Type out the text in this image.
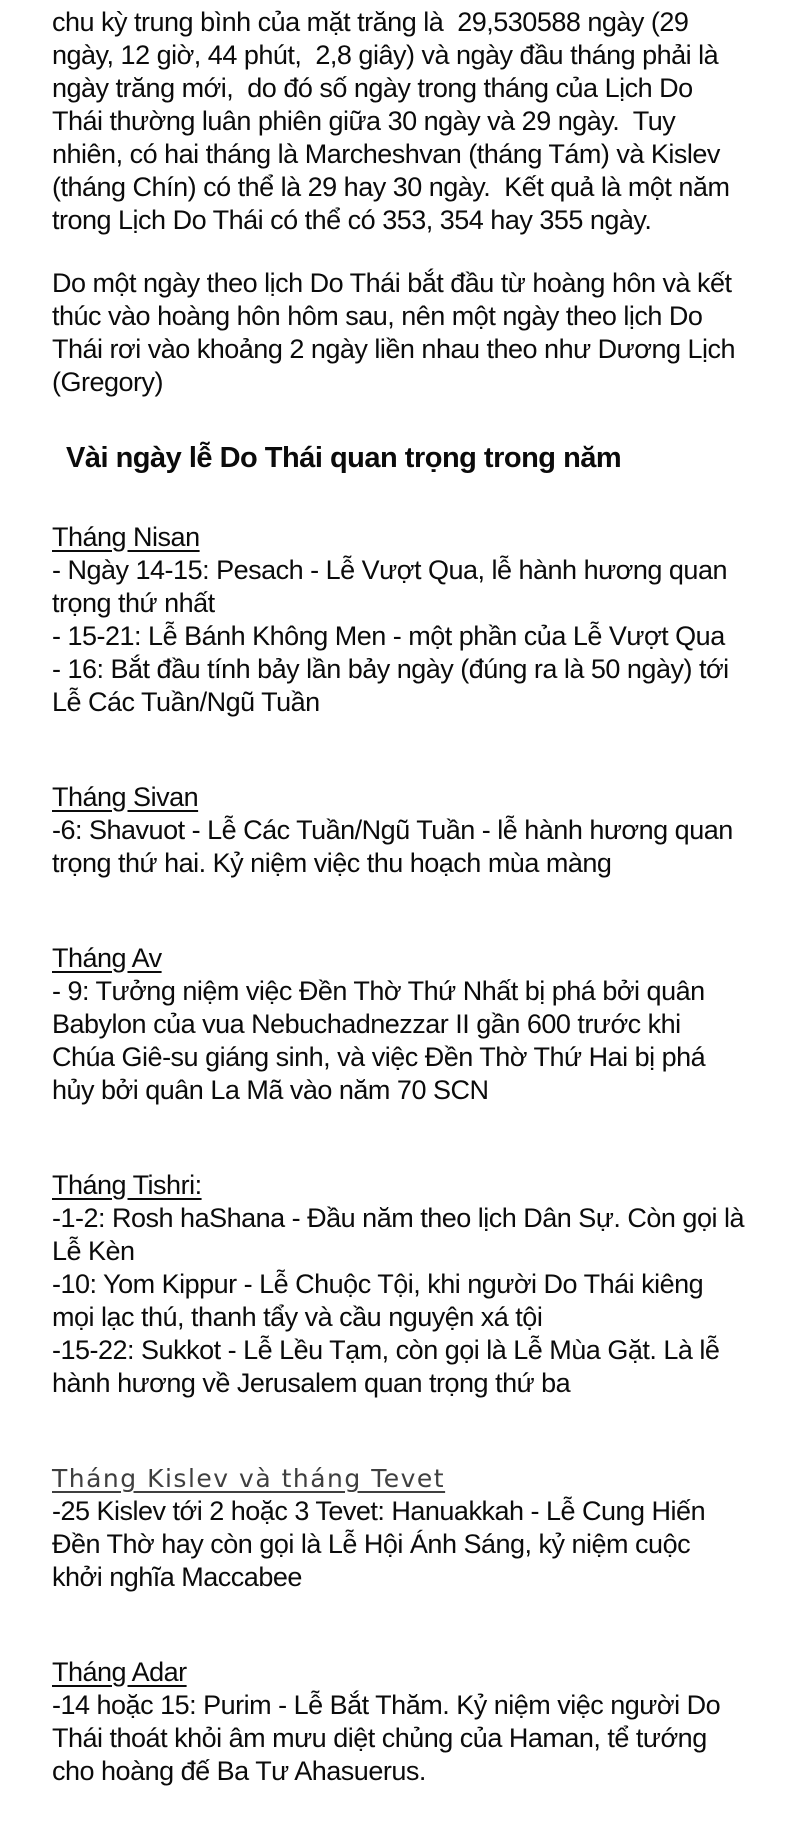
chu kỳ trung bình của mặt trăng là  29,530588 ngày (29 ngày, 12 giờ, 44 phút,  2,8 giây) và ngày đầu tháng phải là ngày trăng mới,  do đó số ngày trong tháng của Lịch Do Thái thường luân phiên giữa 30 ngày và 29 ngày.  Tuy nhiên, có hai tháng là Marcheshvan (tháng Tám) và Kislev (tháng Chín) có thể là 29 hay 30 ngày.  Kết quả là một năm trong Lịch Do Thái có thể có 353, 354 hay 355 ngày.

Do một ngày theo lịch Do Thái bắt đầu từ hoàng hôn và kết thúc vào hoàng hôn hôm sau, nên một ngày theo lịch Do Thái rơi vào khoảng 2 ngày liền nhau theo như Dương Lịch (Gregory)

Vài ngày lễ Do Thái quan trọng trong năm
Tháng Nisan
- Ngày 14-15: Pesach - Lễ Vượt Qua, lễ hành hương quan trọng thứ nhất
- 15-21: Lễ Bánh Không Men - một phần của Lễ Vượt Qua
- 16: Bắt đầu tính bảy lần bảy ngày (đúng ra là 50 ngày) tới Lễ Các Tuần/Ngũ Tuần
Tháng Sivan
-6: Shavuot - Lễ Các Tuần/Ngũ Tuần - lễ hành hương quan trọng thứ hai. Kỷ niệm việc thu hoạch mùa màng
Tháng Av
- 9: Tưởng niệm việc Đền Thờ Thứ Nhất bị phá bởi quân Babylon của vua Nebuchadnezzar II gần 600 trước khi Chúa Giê-su giáng sinh, và việc Đền Thờ Thứ Hai bị phá hủy bởi quân La Mã vào năm 70 SCN
Tháng Tishri:
-1-2: Rosh haShana - Đầu năm theo lịch Dân Sự. Còn gọi là Lễ Kèn
-10: Yom Kippur - Lễ Chuộc Tội, khi người Do Thái kiêng mọi lạc thú, thanh tẩy và cầu nguyện xá tội
-15-22: Sukkot - Lễ Lều Tạm, còn gọi là Lễ Mùa Gặt. Là lễ hành hương về Jerusalem quan trọng thứ ba
Tháng Kislev và tháng Tevet
-25 Kislev tới 2 hoặc 3 Tevet: Hanuakkah - Lễ Cung Hiến Đền Thờ hay còn gọi là Lễ Hội Ánh Sáng, kỷ niệm cuộc khởi nghĩa Maccabee
Tháng Adar
-14 hoặc 15: Purim - Lễ Bắt Thăm. Kỷ niệm việc người Do Thái thoát khỏi âm mưu diệt chủng của Haman, tể tướng cho hoàng đế Ba Tư Ahasuerus.
